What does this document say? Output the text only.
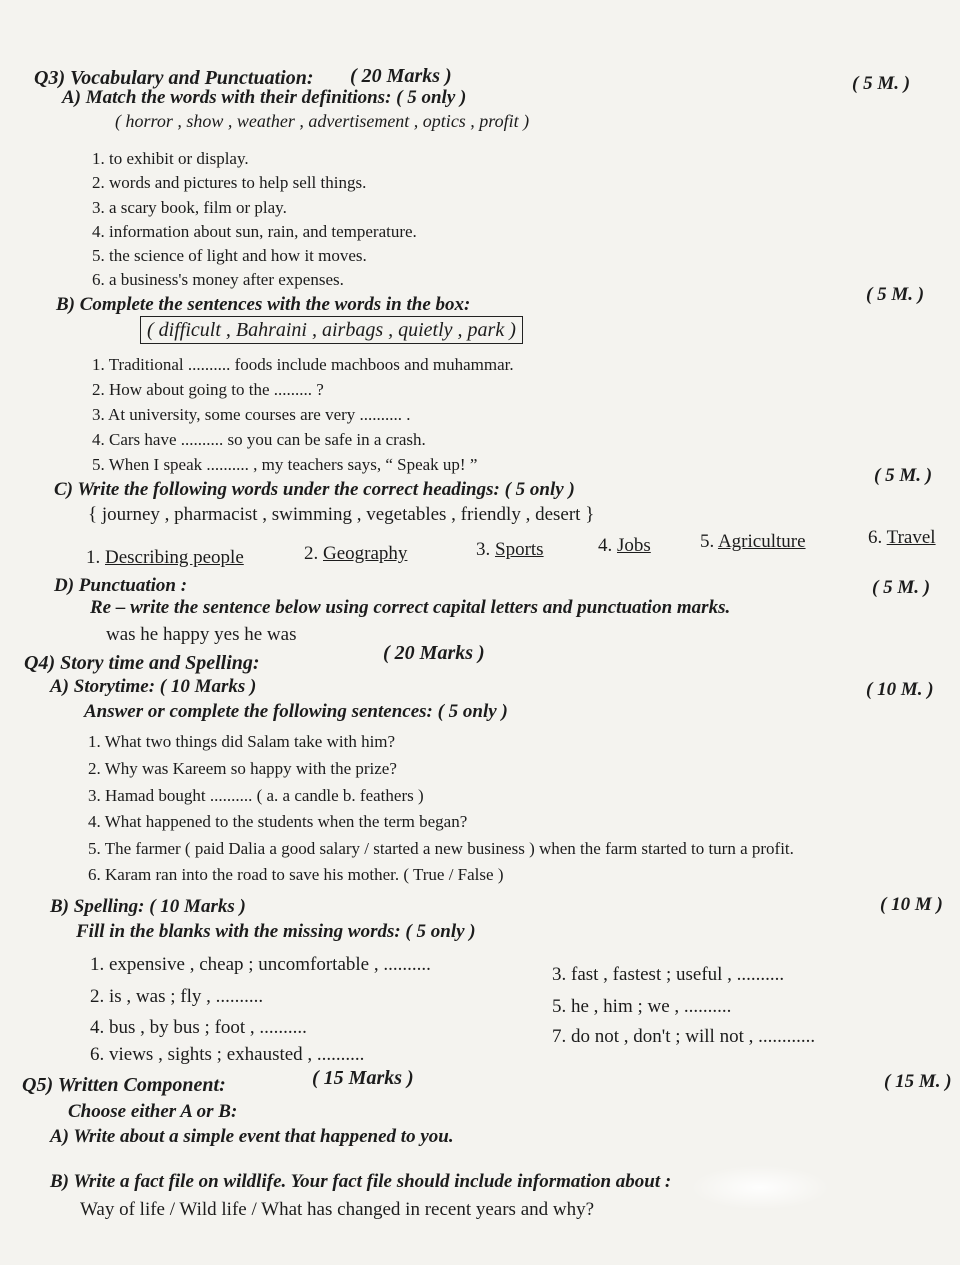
Q3) Vocabulary and Punctuation: ( 20 Marks )
A) Match the words with their definitions: ( 5 only )
( 5 M. )
( horror , show , weather , advertisement , optics , profit )
1. to exhibit or display.
2. words and pictures to help sell things.
3. a scary book, film or play.
4. information about sun, rain, and temperature.
5. the science of light and how it moves.
6. a business's money after expenses.
B) Complete the sentences with the words in the box:	( 5 M. )
( difficult , Bahraini , airbags , quietly , park )
1. Traditional .......... foods include machboos and muhammar.
2. How about going to the ......... ?
3. At university, some courses are very .......... .
4. Cars have .......... so you can be safe in a crash.
5. When I speak .......... , my teachers says, “ Speak up! ”
C) Write the following words under the correct headings: ( 5 only )
( 5 M. )
{ journey , pharmacist , swimming , vegetables , friendly , desert }
1. Describing people	2. Geography	3. Sports	4. Jobs	5. Agriculture	6. Travel
D) Punctuation :
Re – write the sentence below using correct capital letters and punctuation marks.
( 5 M. )
was he happy yes he was
Q4) Story time and Spelling:	( 20 Marks )
A) Storytime: ( 10 Marks )	( 10 M. )
Answer or complete the following sentences: ( 5 only )
1. What two things did Salam take with him?
2. Why was Kareem so happy with the prize?
3. Hamad bought .......... ( a. a candle b. feathers )
4. What happened to the students when the term began?
5. The farmer ( paid Dalia a good salary / started a new business ) when the farm started to turn a profit.
6. Karam ran into the road to save his mother. ( True / False )
B) Spelling: ( 10 Marks )	( 10 M )
Fill in the blanks with the missing words: ( 5 only )
1. expensive , cheap ; uncomfortable , ..........
2. is , was ; fly , ..........
4. bus , by bus ; foot , ..........
6. views , sights ; exhausted , ..........
3. fast , fastest ; useful , ..........
5. he , him ; we , ..........
7. do not , don't ; will not , ............
Q5) Written Component:	( 15 Marks )	( 15 M. )
Choose either A or B:
A) Write about a simple event that happened to you.
B) Write a fact file on wildlife. Your fact file should include information about :
Way of life / Wild life / What has changed in recent years and why?
